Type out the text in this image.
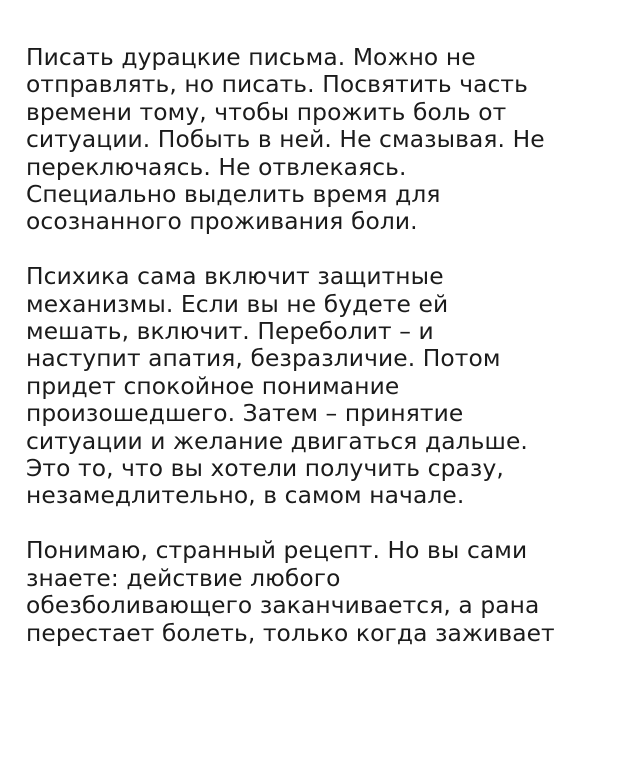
Писать дурацкие письма. Можно не
отправлять, но писать. Посвятить часть
времени тому, чтобы прожить боль от
ситуации. Побыть в ней. Не смазывая. Не
переключаясь. Не отвлекаясь.
Специально выделить время для
осознанного проживания боли.

Психика сама включит защитные
механизмы. Если вы не будете ей
мешать, включит. Переболит – и
наступит апатия, безразличие. Потом
придет спокойное понимание
произошедшего. Затем – принятие
ситуации и желание двигаться дальше.
Это то, что вы хотели получить сразу,
незамедлительно, в самом начале.

Понимаю, странный рецепт. Но вы сами
знаете: действие любого
обезболивающего заканчивается, а рана
перестает болеть, только когда заживает
